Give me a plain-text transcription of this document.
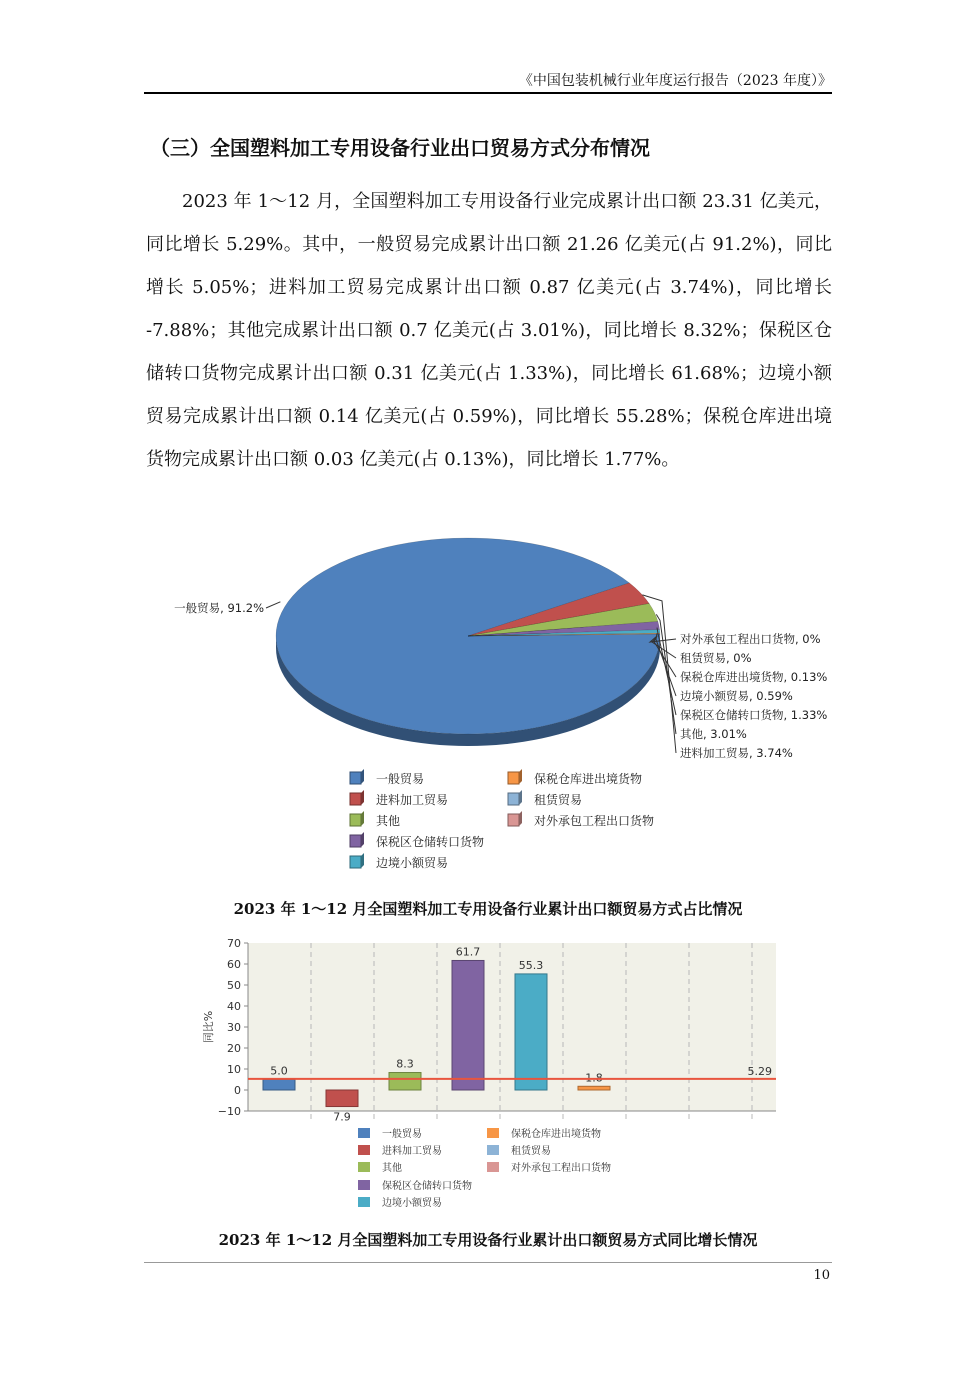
《中国包装机械行业年度运行报告（2023 年度）》
（三）全国塑料加工专用设备行业出口贸易方式分布情况

2023 年 1～12 月，全国塑料加工专用设备行业完成累计出口额 23.31 亿美元，同比增长 5.29%。其中，一般贸易完成累计出口额 21.26 亿美元(占 91.2%)，同比增长 5.05%；进料加工贸易完成累计出口额 0.87 亿美元(占 3.74%)，同比增长 -7.88%；其他完成累计出口额 0.7 亿美元(占 3.01%)，同比增长 8.32%；保税区仓储转口货物完成累计出口额 0.31 亿美元(占 1.33%)，同比增长 61.68%；边境小额贸易完成累计出口额 0.14 亿美元(占 0.59%)，同比增长 55.28%；保税仓库进出境货物完成累计出口额 0.03 亿美元(占 0.13%)，同比增长 1.77%。

一般贸易, 91.2%
对外承包工程出口货物, 0%
租赁贸易, 0%
保税仓库进出境货物, 0.13%
边境小额贸易, 0.59%
保税区仓储转口货物, 1.33%
其他, 3.01%
进料加工贸易, 3.74%
一般贸易	保税仓库进出境货物
进料加工贸易	租赁贸易
其他	对外承包工程出口货物
保税区仓储转口货物
边境小额贸易
2023 年 1～12 月全国塑料加工专用设备行业累计出口额贸易方式占比情况
70
60
50
40
30
20
10
0
−10
同比%
5.0
7.9
8.3
61.7
55.3
1.8	5.29
一般贸易	保税仓库进出境货物
进料加工贸易	租赁贸易
其他	对外承包工程出口货物
保税区仓储转口货物
边境小额贸易
2023 年 1～12 月全国塑料加工专用设备行业累计出口额贸易方式同比增长情况
10
